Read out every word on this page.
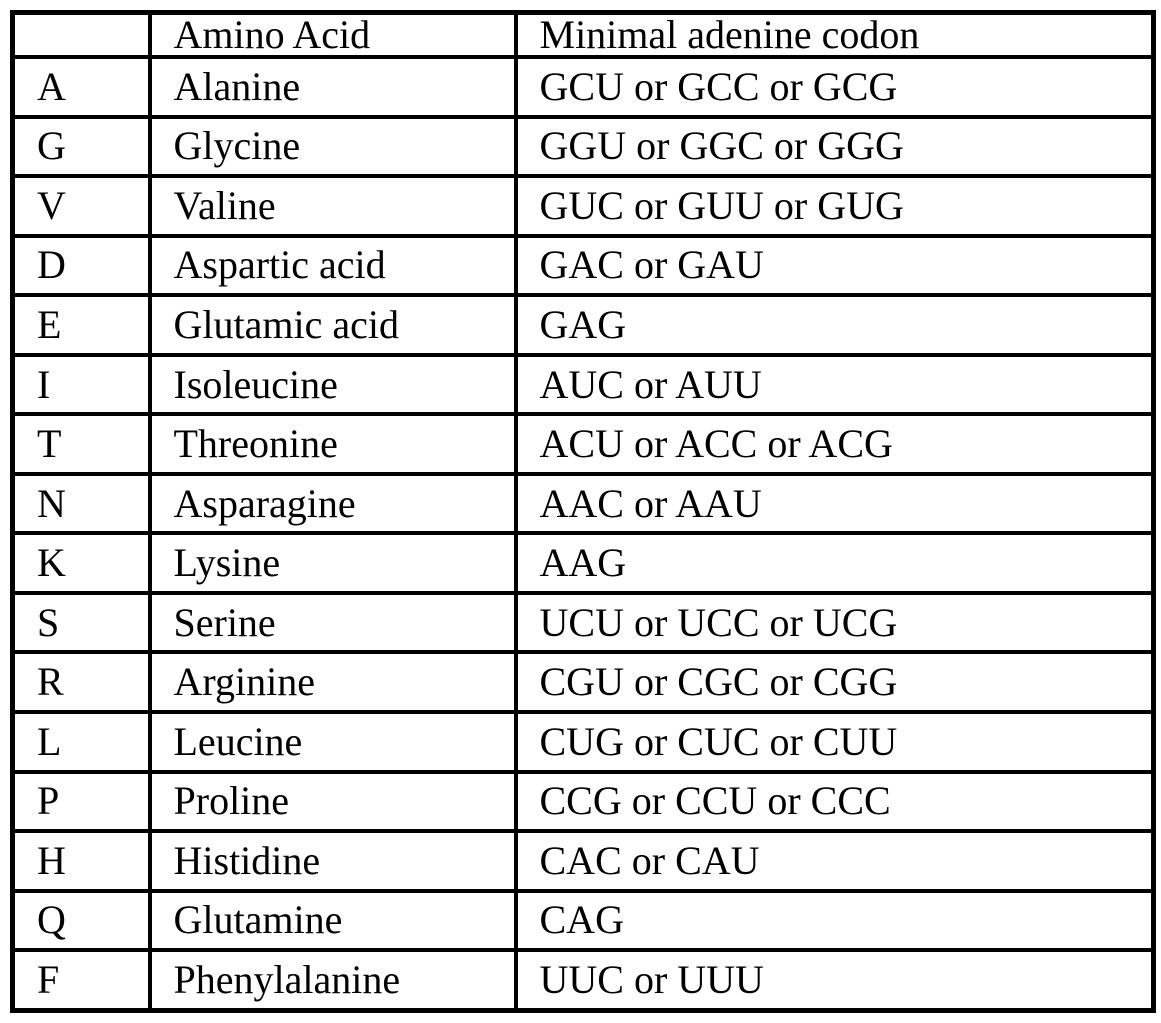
	Amino Acid	Minimal adenine codon
A	Alanine	GCU or GCC or GCG
G	Glycine	GGU or GGC or GGG
V	Valine	GUC or GUU or GUG
D	Aspartic acid	GAC or GAU
E	Glutamic acid	GAG
I	Isoleucine	AUC or AUU
T	Threonine	ACU or ACC or ACG
N	Asparagine	AAC or AAU
K	Lysine	AAG
S	Serine	UCU or UCC or UCG
R	Arginine	CGU or CGC or CGG
L	Leucine	CUG or CUC or CUU
P	Proline	CCG or CCU or CCC
H	Histidine	CAC or CAU
Q	Glutamine	CAG
F	Phenylalanine	UUC or UUU
